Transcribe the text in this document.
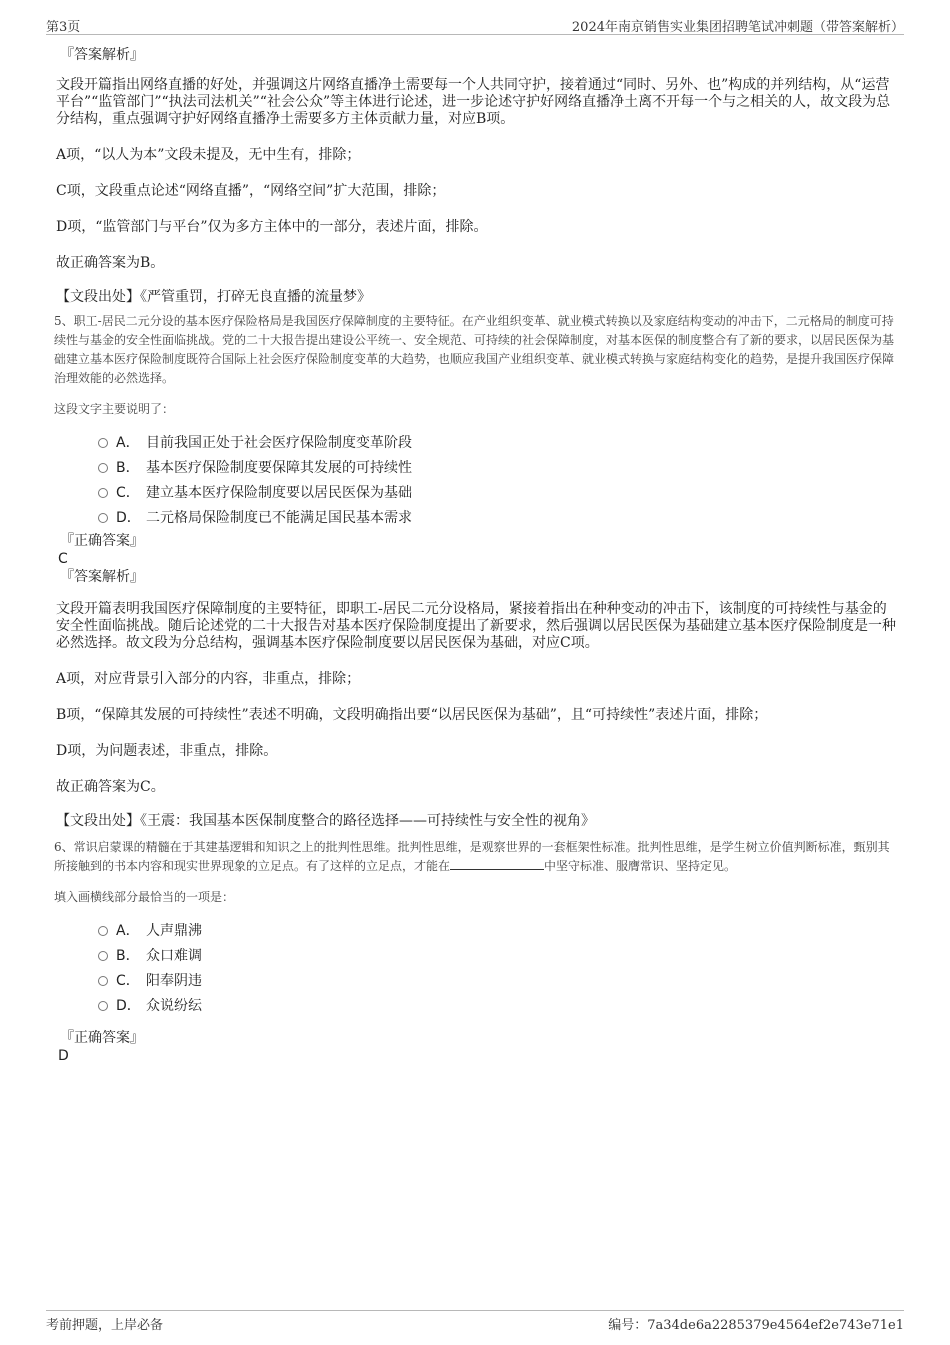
第3页	2024年南京销售实业集团招聘笔试冲刺题（带答案解析）
『答案解析』

文段开篇指出网络直播的好处，并强调这片网络直播净土需要每一个人共同守护，接着通过“同时、另外、也”构成的并列结构，从“运营平台”“监管部门”“执法司法机关”“社会公众”等主体进行论述，进一步论述守护好网络直播净土离不开每一个与之相关的人，故文段为总分结构，重点强调守护好网络直播净土需要多方主体贡献力量，对应B项。

A项，“以人为本”文段未提及，无中生有，排除；

C项，文段重点论述“网络直播”，“网络空间”扩大范围，排除；

D项，“监管部门与平台”仅为多方主体中的一部分，表述片面，排除。

故正确答案为B。

【文段出处】《严管重罚，打碎无良直播的流量梦》
5、职工-居民二元分设的基本医疗保险格局是我国医疗保障制度的主要特征。在产业组织变革、就业模式转换以及家庭结构变动的冲击下，二元格局的制度可持续性与基金的安全性面临挑战。党的二十大报告提出建设公平统一、安全规范、可持续的社会保障制度，对基本医保的制度整合有了新的要求，以居民医保为基础建立基本医疗保险制度既符合国际上社会医疗保险制度变革的大趋势，也顺应我国产业组织变革、就业模式转换与家庭结构变化的趋势，是提升我国医疗保障治理效能的必然选择。
这段文字主要说明了：
A． 目前我国正处于社会医疗保险制度变革阶段
B． 基本医疗保险制度要保障其发展的可持续性
C． 建立基本医疗保险制度要以居民医保为基础
D． 二元格局保险制度已不能满足国民基本需求
『正确答案』
C
『答案解析』

文段开篇表明我国医疗保障制度的主要特征，即职工-居民二元分设格局，紧接着指出在种种变动的冲击下，该制度的可持续性与基金的安全性面临挑战。随后论述党的二十大报告对基本医疗保险制度提出了新要求，然后强调以居民医保为基础建立基本医疗保险制度是一种必然选择。故文段为分总结构，强调基本医疗保险制度要以居民医保为基础，对应C项。

A项，对应背景引入部分的内容，非重点，排除；

B项，“保障其发展的可持续性”表述不明确，文段明确指出要“以居民医保为基础”，且“可持续性”表述片面，排除；

D项，为问题表述，非重点，排除。

故正确答案为C。

【文段出处】《王震：我国基本医保制度整合的路径选择——可持续性与安全性的视角》
6、常识启蒙课的精髓在于其建基逻辑和知识之上的批判性思维。批判性思维，是观察世界的一套框架性标准。批判性思维，是学生树立价值判断标准，甄别其所接触到的书本内容和现实世界现象的立足点。有了这样的立足点，才能在	中坚守标准、服膺常识、坚持定见。
填入画横线部分最恰当的一项是：
A． 人声鼎沸
B． 众口难调
C． 阳奉阴违
D． 众说纷纭
『正确答案』
D
考前押题，上岸必备	编号：7a34de6a2285379e4564ef2e743e71e1
